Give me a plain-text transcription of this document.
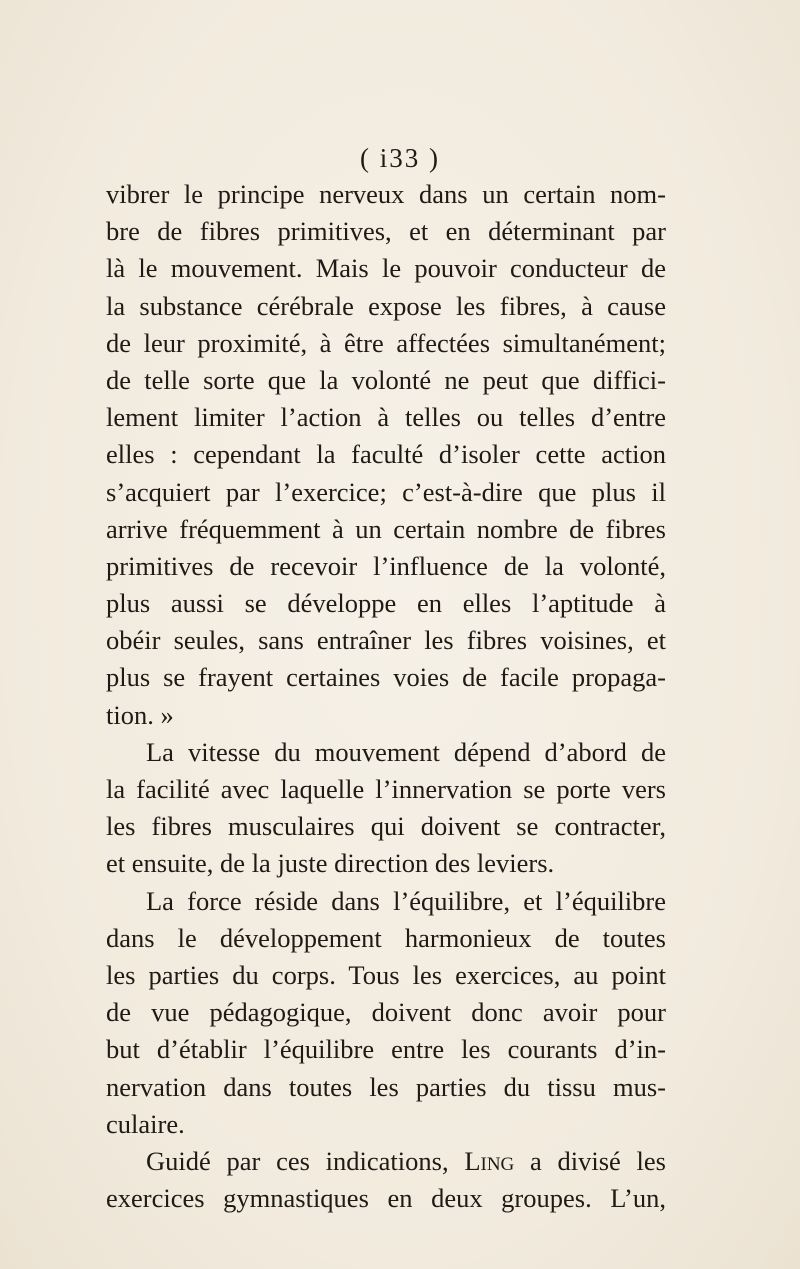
( i33 )
vibrer le principe nerveux dans un certain nom-
bre de fibres primitives, et en déterminant par
là le mouvement. Mais le pouvoir conducteur de
la substance cérébrale expose les fibres, à cause
de leur proximité, à être affectées simultanément;
de telle sorte que la volonté ne peut que diffici-
lement limiter l’action à telles ou telles d’entre
elles : cependant la faculté d’isoler cette action
s’acquiert par l’exercice; c’est-à-dire que plus il
arrive fréquemment à un certain nombre de fibres
primitives de recevoir l’influence de la volonté,
plus aussi se développe en elles l’aptitude à
obéir seules, sans entraîner les fibres voisines, et
plus se frayent certaines voies de facile propaga-
tion. »
La vitesse du mouvement dépend d’abord de
la facilité avec laquelle l’innervation se porte vers
les fibres musculaires qui doivent se contracter,
et ensuite, de la juste direction des leviers.
La force réside dans l’équilibre, et l’équilibre
dans le développement harmonieux de toutes
les parties du corps. Tous les exercices, au point
de vue pédagogique, doivent donc avoir pour
but d’établir l’équilibre entre les courants d’in-
nervation dans toutes les parties du tissu mus-
culaire.
Guidé par ces indications, Ling a divisé les
exercices gymnastiques en deux groupes. L’un,
